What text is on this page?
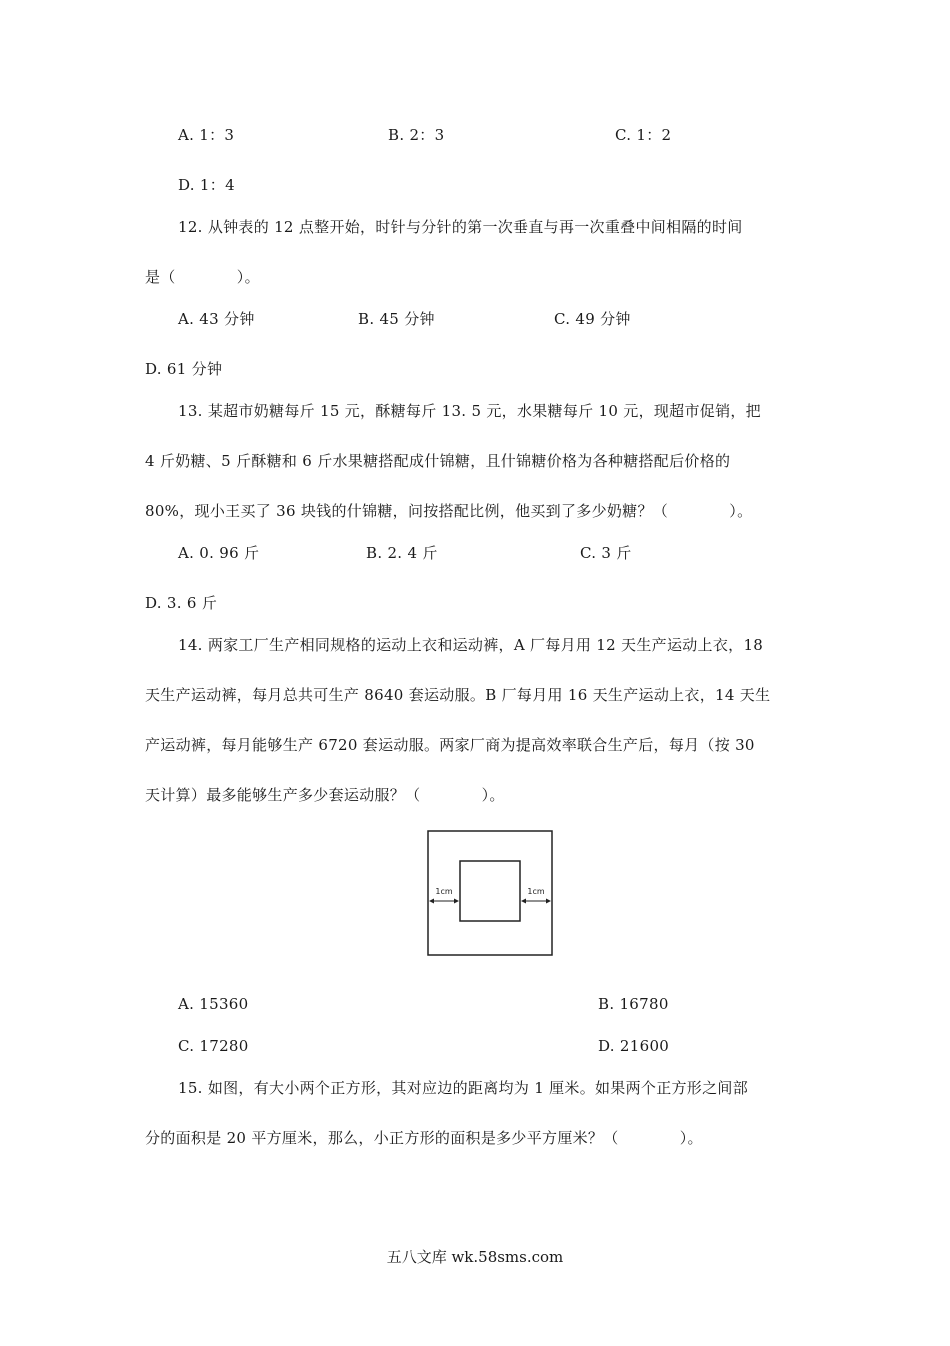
A. 1：3	B. 2：3	C. 1：2
D. 1：4
12. 从钟表的 12 点整开始，时针与分针的第一次垂直与再一次重叠中间相隔的时间
是（　　　　）。
A. 43 分钟	B. 45 分钟	C. 49 分钟
D. 61 分钟
13. 某超市奶糖每斤 15 元，酥糖每斤 13. 5 元，水果糖每斤 10 元，现超市促销，把
4 斤奶糖、5 斤酥糖和 6 斤水果糖搭配成什锦糖，且什锦糖价格为各种糖搭配后价格的
80%，现小王买了 36 块钱的什锦糖，问按搭配比例，他买到了多少奶糖？（　　　　）。
A. 0. 96 斤	B. 2. 4 斤	C. 3 斤
D. 3. 6 斤
14. 两家工厂生产相同规格的运动上衣和运动裤，A 厂每月用 12 天生产运动上衣，18
天生产运动裤，每月总共可生产 8640 套运动服。B 厂每月用 16 天生产运动上衣，14 天生
产运动裤，每月能够生产 6720 套运动服。两家厂商为提高效率联合生产后，每月（按 30
天计算）最多能够生产多少套运动服？（　　　　）。
1cm	1cm
A. 15360	B. 16780
C. 17280	D. 21600
15. 如图，有大小两个正方形，其对应边的距离均为 1 厘米。如果两个正方形之间部
分的面积是 20 平方厘米，那么，小正方形的面积是多少平方厘米？（　　　　）。
五八文库 wk.58sms.com
